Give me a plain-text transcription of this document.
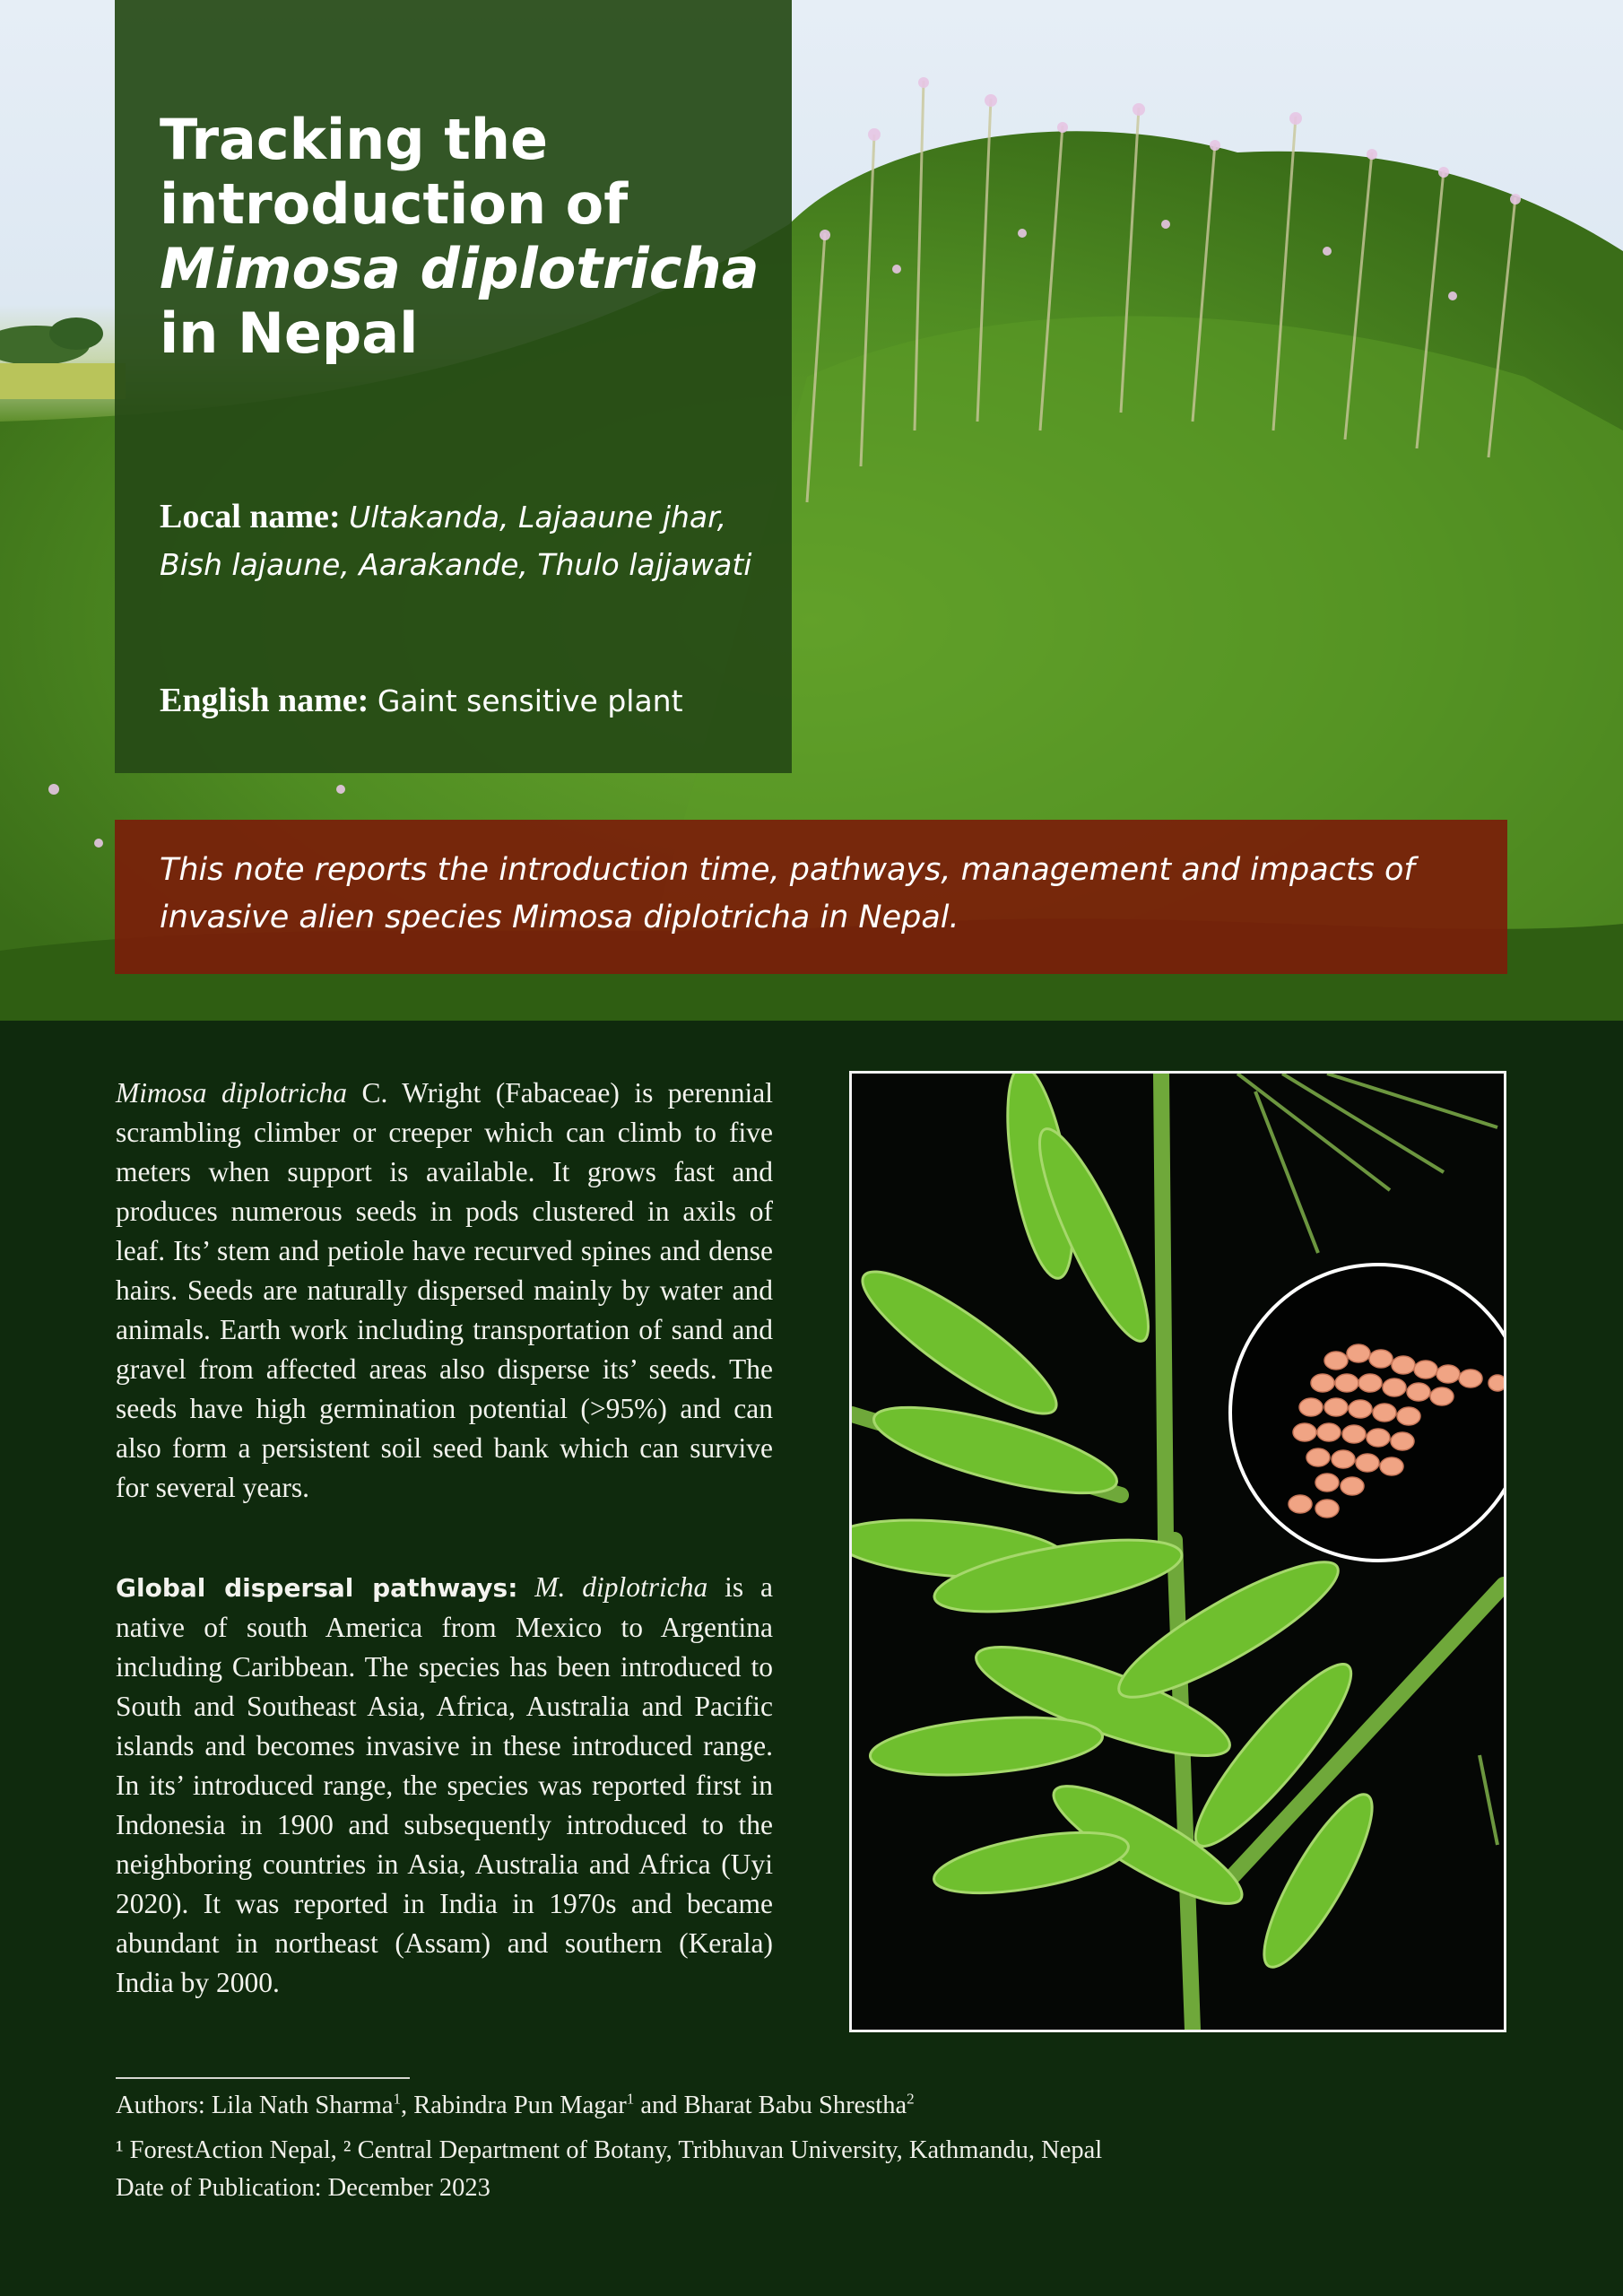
Tracking the
introduction of
Mimosa diplotricha
in Nepal

Local name: Ultakanda, Lajaaune jhar, Bish lajaune, Aarakande, Thulo lajjawati

English name: Gaint sensitive plant

This note reports the introduction time, pathways, management and impacts of invasive alien species Mimosa diplotricha in Nepal.

Mimosa diplotricha C. Wright (Fabaceae) is perennial scrambling climber or creeper which can climb to five meters when support is available. It grows fast and produces numerous seeds in pods clustered in axils of leaf. Its’ stem and petiole have recurved spines and dense hairs. Seeds are naturally dispersed mainly by water and animals. Earth work including transportation of sand and gravel from affected areas also disperse its’ seeds. The seeds have high germination potential (>95%) and can also form a persistent soil seed bank which can survive for several years.

Global dispersal pathways: M. diplotricha is a native of south America from Mexico to Argentina including Caribbean. The species has been introduced to South and Southeast Asia, Africa, Australia and Pacific islands and becomes invasive in these introduced range. In its’ introduced range, the species was reported first in Indonesia in 1900 and subsequently introduced to the neighboring countries in Asia, Australia and Africa (Uyi 2020). It was reported in India in 1970s and became abundant in northeast (Assam) and southern (Kerala) India by 2000.

Authors: Lila Nath Sharma$^1$, Rabindra Pun Magar$^1$ and Bharat Babu Shrestha$^2$

¹ ForestAction Nepal, ² Central Department of Botany, Tribhuvan University, Kathmandu, Nepal

Date of Publication: December 2023
